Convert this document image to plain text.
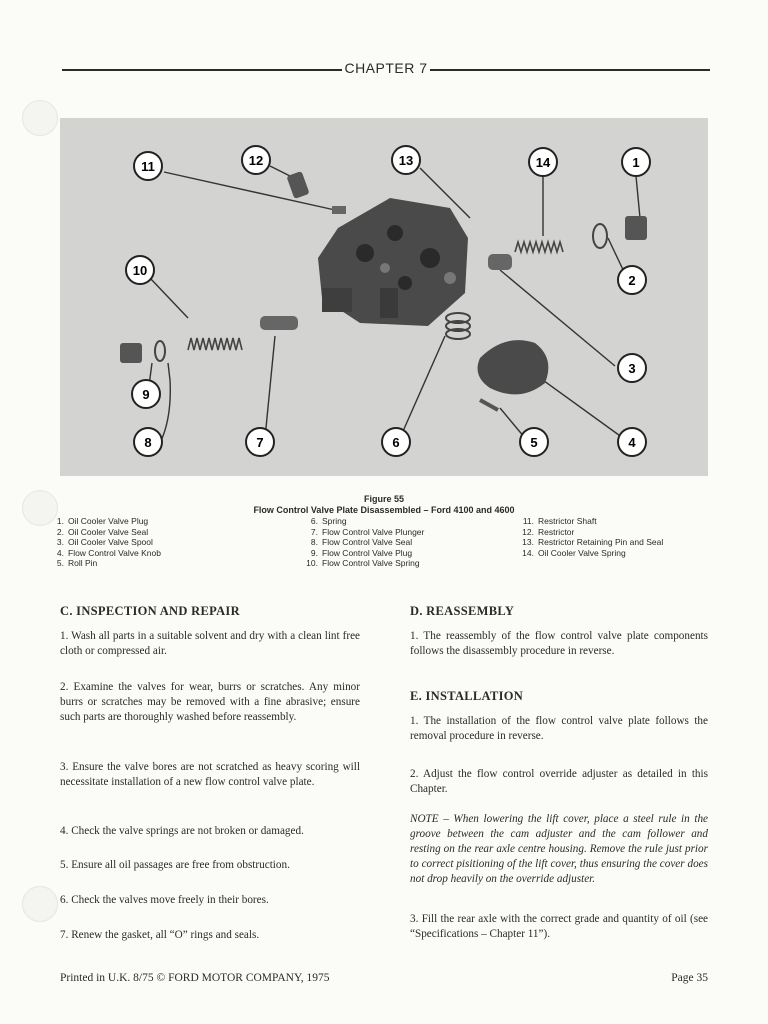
CHAPTER 7
11	12	13	14	1
10
2
3
9
8	7	6	5	4
Figure 55
Flow Control Valve Plate Disassembled – Ford 4100 and 4600
1. Oil Cooler Valve Plug
2. Oil Cooler Valve Seal
3. Oil Cooler Valve Spool
4. Flow Control Valve Knob
5. Roll Pin
6. Spring
7. Flow Control Valve Plunger
8. Flow Control Valve Seal
9. Flow Control Valve Plug
10. Flow Control Valve Spring
11. Restrictor Shaft
12. Restrictor
13. Restrictor Retaining Pin and Seal
14. Oil Cooler Valve Spring
C. INSPECTION AND REPAIR

1. Wash all parts in a suitable solvent and dry with a clean lint free cloth or compressed air.

2. Examine the valves for wear, burrs or scratches. Any minor burrs or scratches may be removed with a fine abrasive; ensure such parts are thoroughly washed before reassembly.

3. Ensure the valve bores are not scratched as heavy scoring will necessitate installation of a new flow control valve plate.

4. Check the valve springs are not broken or damaged.

5. Ensure all oil passages are free from obstruction.

6. Check the valves move freely in their bores.

7. Renew the gasket, all “O” rings and seals.

D. REASSEMBLY

1. The reassembly of the flow control valve plate components follows the disassembly procedure in reverse.

E. INSTALLATION

1. The installation of the flow control valve plate follows the removal procedure in reverse.

2. Adjust the flow control override adjuster as detailed in this Chapter.

NOTE – When lowering the lift cover, place a steel rule in the groove between the cam adjuster and the cam follower and resting on the rear axle centre housing. Remove the rule just prior to correct pisitioning of the lift cover, thus ensuring the cover does not drop heavily on the override adjuster.

3. Fill the rear axle with the correct grade and quantity of oil (see “Specifications – Chapter 11”).

Printed in U.K. 8/75 © FORD MOTOR COMPANY, 1975	Page 35
